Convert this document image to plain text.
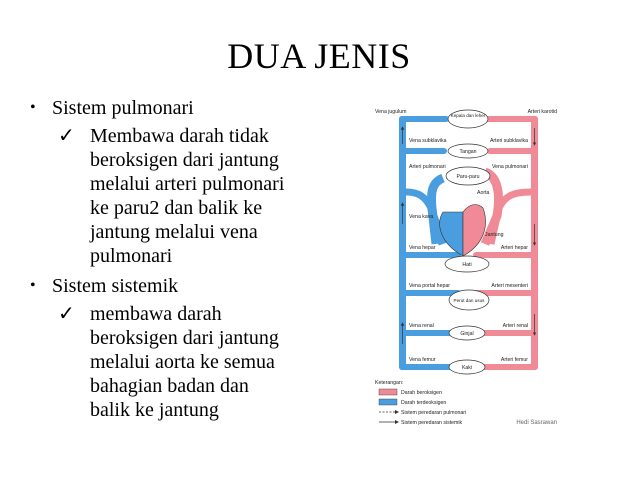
DUA JENIS
• Sistem pulmonari
✓ Membawa darah tidak
beroksigen dari jantung
melalui arteri pulmonari
ke paru2 dan balik ke
jantung melalui vena
pulmonari
• Sistem sistemik
✓ membawa darah
beroksigen dari jantung
melalui aorta ke semua
bahagian badan dan
balik ke jantung
Kepala dan leher
Tangan
Paru-paru
Aorta
Jantung
Hati
Perut dan usus
Ginjal
Kaki
Vena jugulum
Vena subklavika
Arteri pulmonari
Vena kava
Vena hepar
Vena portal hepar
Vena renal
Vena femur
Arteri karotid
Arteri subklavika
Vena pulmonari
Arteri hepar
Arteri mesenteri
Arteri renal
Arteri femur
Keterangan:
Darah beroksigen
Darah terdeoksigen
Sistem peredaran pulmonari
Sistem peredaran sistemik	Hedi Sasrawan
